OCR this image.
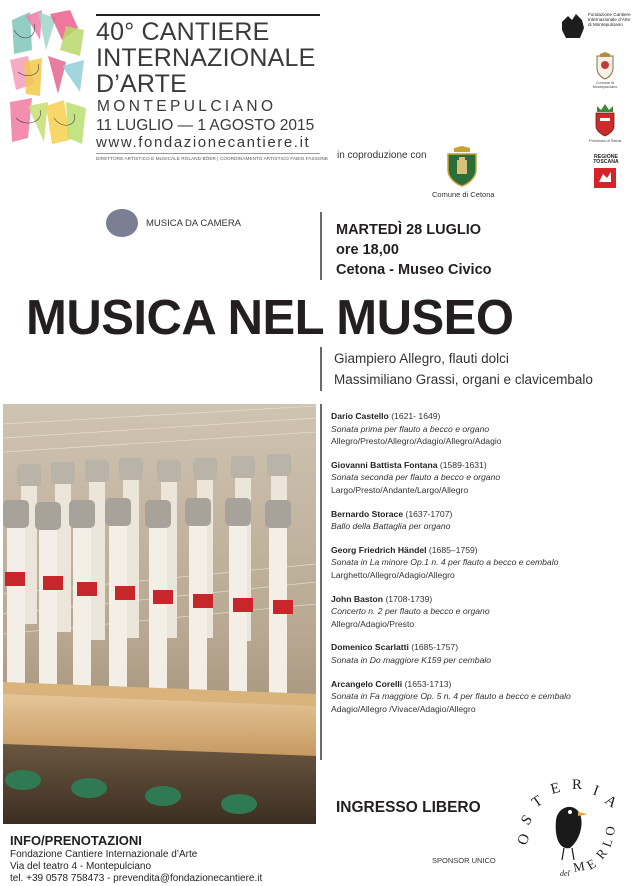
40° CANTIERE
INTERNAZIONALE
D’ARTE
MONTEPULCIANO
11 LUGLIO — 1 AGOSTO 2015
www.fondazionecantiere.it
DIRETTORE ARTISTICO E MUSICALE ROLAND BÖER | COORDINAMENTO ARTISTICO FABIO FASSONE in coproduzione con
Comune di Cetona
Fondazione Cantiere Internazionale d’Arte di Montepulciano
Comune di Montepulciano
Provincia di Siena
REGIONE TOSCANA
MUSICA DA CAMERA	MARTEDÌ 28 LUGLIO
ore 18,00
Cetona - Museo Civico
MUSICA NEL MUSEO
Giampiero Allegro, flauti dolci
Massimiliano Grassi, organi e clavicembalo
Dario Castello (1621- 1649)
Sonata prima per flauto a becco e organo
Allegro/Presto/Allegro/Adagio/Allegro/Adagio
Giovanni Battista Fontana (1589-1631)
Sonata seconda per flauto a becco e organo
Largo/Presto/Andante/Largo/Allegro
Bernardo Storace (1637-1707)
Ballo della Battaglia per organo
Georg Friedrich Händel (1685–1759)
Sonata in La minore Op.1 n. 4 per flauto a becco e cembalo
Larghetto/Allegro/Adagio/Allegro
John Baston (1708-1739)
Concerto n. 2 per flauto a becco e organo
Allegro/Adagio/Presto
Domenico Scarlatti (1685-1757)
Sonata in Do maggiore K159 per cembalo
Arcangelo Corelli (1653-1713)
Sonata in Fa maggiore Op. 5 n. 4 per flauto a becco e cembalo
Adagio/Allegro /Vivace/Adagio/Allegro
INGRESSO LIBERO
SPONSOR UNICO
O
S
T
E R I
A
M
E
R
L
O
del
INFO/PRENOTAZIONI
Fondazione Cantiere Internazionale d’Arte
Via del teatro 4 - Montepulciano
tel. +39 0578 758473 - prevendita@fondazionecantiere.it
